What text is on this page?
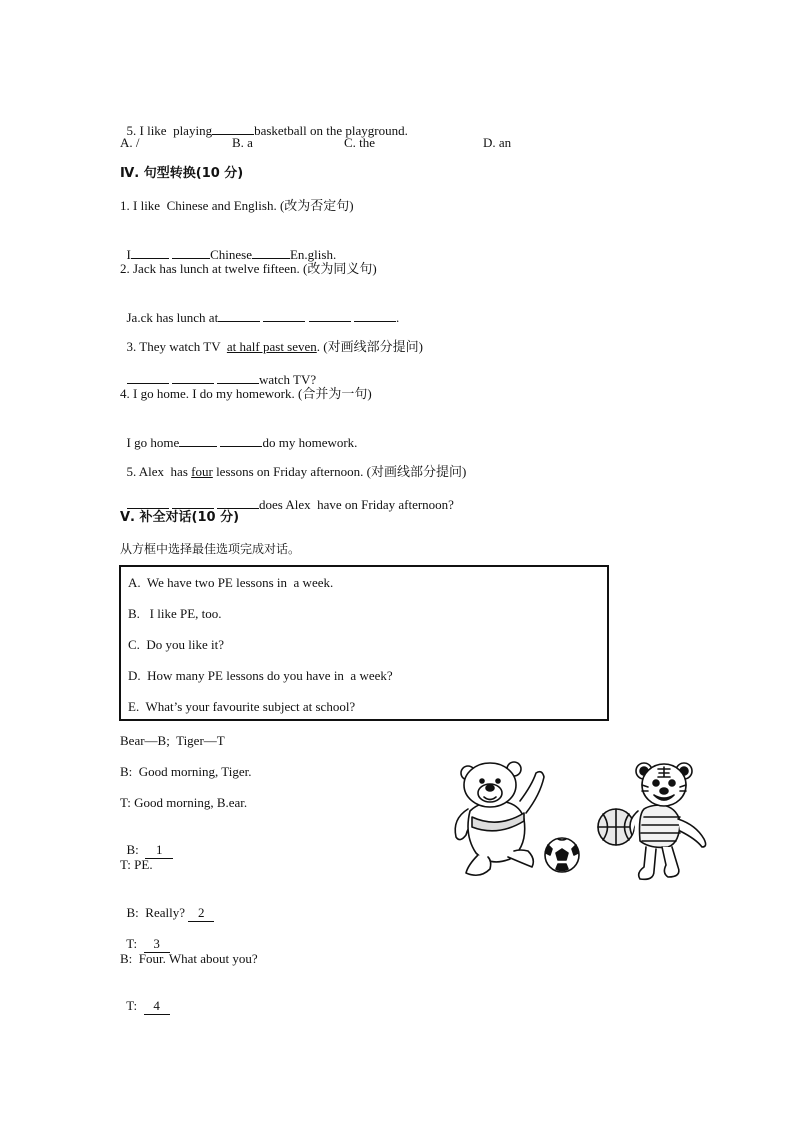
5. I like  playing	basketball on the playground.

A. /	B. a	C. the	D. an
Ⅳ. 句型转换(10 分)
1. I like  Chinese and English. (改为否定句)

I	Chinese	En.glish.

2. Jack has lunch at twelve fifteen. (改为同义句)

Ja.ck has lunch at	.

3. They watch TV  at half past seven. (对画线部分提问)

watch TV?

4. I go home. I do my homework. (合并为一句)

I go home	do my homework.

5. Alex  has four lessons on Friday afternoon. (对画线部分提问)

does Alex  have on Friday afternoon?

Ⅴ. 补全对话(10 分)
从方框中选择最佳选项完成对话。
A.  We have two PE lessons in  a week.
B.   I like PE, too.
C.  Do you like it?
D.  How many PE lessons do you have in  a week?
E.  What’s your favourite subject at school?
Bear—B;  Tiger—T
B:  Good morning, Tiger.
T: Good morning, B.ear.

B:  1

T: PE.

B:  Really? 2

T:  3

B:  Four. What about you?

T:  4
